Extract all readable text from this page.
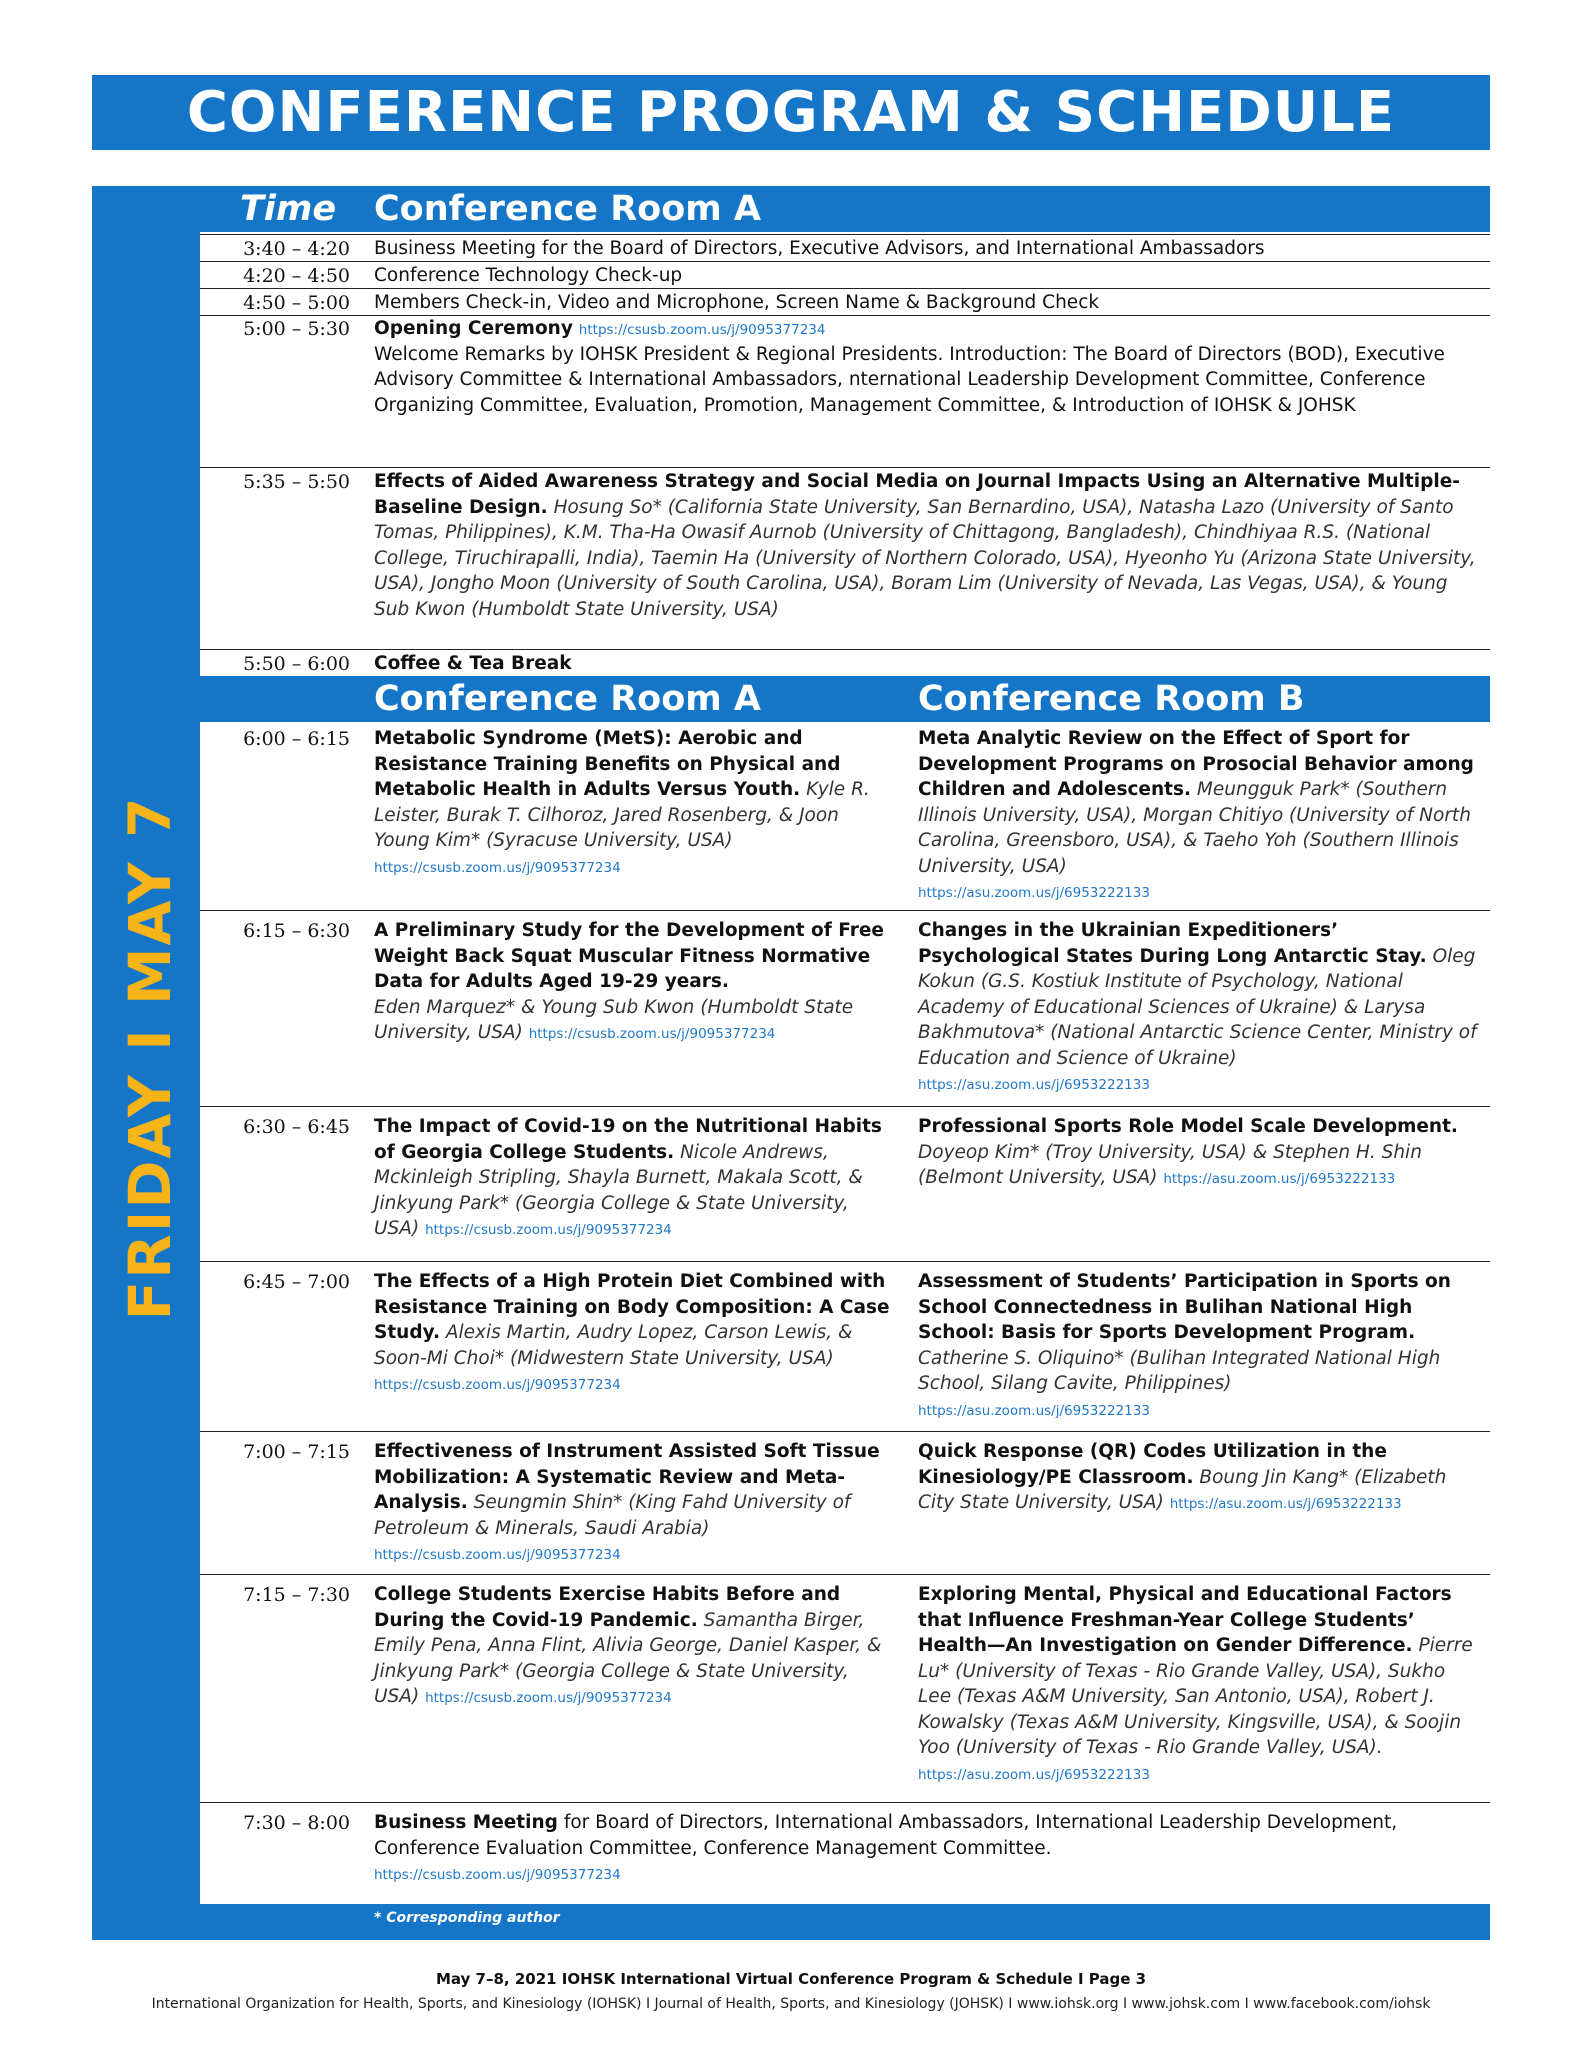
CONFERENCE PROGRAM & SCHEDULE
FRIDAY I MAY 7
Time Conference Room A
3:40 – 4:20 Business Meeting for the Board of Directors, Executive Advisors, and International Ambassadors
4:20 – 4:50 Conference Technology Check-up
4:50 – 5:00 Members Check-in, Video and Microphone, Screen Name & Background Check
5:00 – 5:30 Opening Ceremony https://csusb.zoom.us/j/9095377234
Welcome Remarks by IOHSK President & Regional Presidents. Introduction: The Board of Directors (BOD), Executive Advisory Committee & International Ambassadors, nternational Leadership Development Committee, Conference Organizing Committee, Evaluation, Promotion, Management Committee, & Introduction of IOHSK & JOHSK
5:35 – 5:50 Effects of Aided Awareness Strategy and Social Media on Journal Impacts Using an Alternative Multiple-Baseline Design. Hosung So* (California State University, San Bernardino, USA), Natasha Lazo (University of Santo Tomas, Philippines), K.M. Tha-Ha Owasif Aurnob (University of Chittagong, Bangladesh), Chindhiyaa R.S. (National College, Tiruchirapalli, India), Taemin Ha (University of Northern Colorado, USA), Hyeonho Yu (Arizona State University, USA), Jongho Moon (University of South Carolina, USA), Boram Lim (University of Nevada, Las Vegas, USA), & Young Sub Kwon (Humboldt State University, USA)
5:50 – 6:00 Coffee & Tea Break
Conference Room A	Conference Room B
6:00 – 6:15 Metabolic Syndrome (MetS): Aerobic and Resistance Training Benefits on Physical and Metabolic Health in Adults Versus Youth. Kyle R. Leister, Burak T. Cilhoroz, Jared Rosenberg, & Joon Young Kim* (Syracuse University, USA)
https://csusb.zoom.us/j/9095377234
Meta Analytic Review on the Effect of Sport for Development Programs on Prosocial Behavior among Children and Adolescents. Meungguk Park* (Southern Illinois University, USA), Morgan Chitiyo (University of North Carolina, Greensboro, USA), & Taeho Yoh (Southern Illinois University, USA)
https://asu.zoom.us/j/6953222133
6:15 – 6:30 A Preliminary Study for the Development of Free Weight Back Squat Muscular Fitness Normative Data for Adults Aged 19-29 years.
Eden Marquez* & Young Sub Kwon (Humboldt State University, USA) https://csusb.zoom.us/j/9095377234
Changes in the Ukrainian Expeditioners’ Psychological States During Long Antarctic Stay. Oleg Kokun (G.S. Kostiuk Institute of Psychology, National Academy of Educational Sciences of Ukraine) & Larysa Bakhmutova* (National Antarctic Science Center, Ministry of Education and Science of Ukraine)
https://asu.zoom.us/j/6953222133
6:30 – 6:45 The Impact of Covid-19 on the Nutritional Habits of Georgia College Students. Nicole Andrews, Mckinleigh Stripling, Shayla Burnett, Makala Scott, & Jinkyung Park* (Georgia College & State University, USA) https://csusb.zoom.us/j/9095377234
Professional Sports Role Model Scale Development.
Doyeop Kim* (Troy University, USA) & Stephen H. Shin (Belmont University, USA) https://asu.zoom.us/j/6953222133
6:45 – 7:00 The Effects of a High Protein Diet Combined with Resistance Training on Body Composition: A Case Study. Alexis Martin, Audry Lopez, Carson Lewis, & Soon-Mi Choi* (Midwestern State University, USA)
https://csusb.zoom.us/j/9095377234
Assessment of Students’ Participation in Sports on School Connectedness in Bulihan National High School: Basis for Sports Development Program. Catherine S. Oliquino* (Bulihan Integrated National High School, Silang Cavite, Philippines)
https://asu.zoom.us/j/6953222133
7:00 – 7:15 Effectiveness of Instrument Assisted Soft Tissue Mobilization: A Systematic Review and Meta-Analysis. Seungmin Shin* (King Fahd University of Petroleum & Minerals, Saudi Arabia)
https://csusb.zoom.us/j/9095377234
Quick Response (QR) Codes Utilization in the Kinesiology/PE Classroom. Boung Jin Kang* (Elizabeth City State University, USA) https://asu.zoom.us/j/6953222133
7:15 – 7:30 College Students Exercise Habits Before and During the Covid-19 Pandemic. Samantha Birger, Emily Pena, Anna Flint, Alivia George, Daniel Kasper, & Jinkyung Park* (Georgia College & State University, USA) https://csusb.zoom.us/j/9095377234
Exploring Mental, Physical and Educational Factors that Influence Freshman-Year College Students’ Health—An Investigation on Gender Difference. Pierre Lu* (University of Texas - Rio Grande Valley, USA), Sukho Lee (Texas A&M University, San Antonio, USA), Robert J. Kowalsky (Texas A&M University, Kingsville, USA), & Soojin Yoo (University of Texas - Rio Grande Valley, USA). https://asu.zoom.us/j/6953222133
7:30 – 8:00 Business Meeting for Board of Directors, International Ambassadors, International Leadership Development, Conference Evaluation Committee, Conference Management Committee.
https://csusb.zoom.us/j/9095377234
* Corresponding author
May 7–8, 2021 IOHSK International Virtual Conference Program & Schedule I Page 3
International Organization for Health, Sports, and Kinesiology (IOHSK) I Journal of Health, Sports, and Kinesiology (JOHSK) I www.iohsk.org I www.johsk.com I www.facebook.com/iohsk
